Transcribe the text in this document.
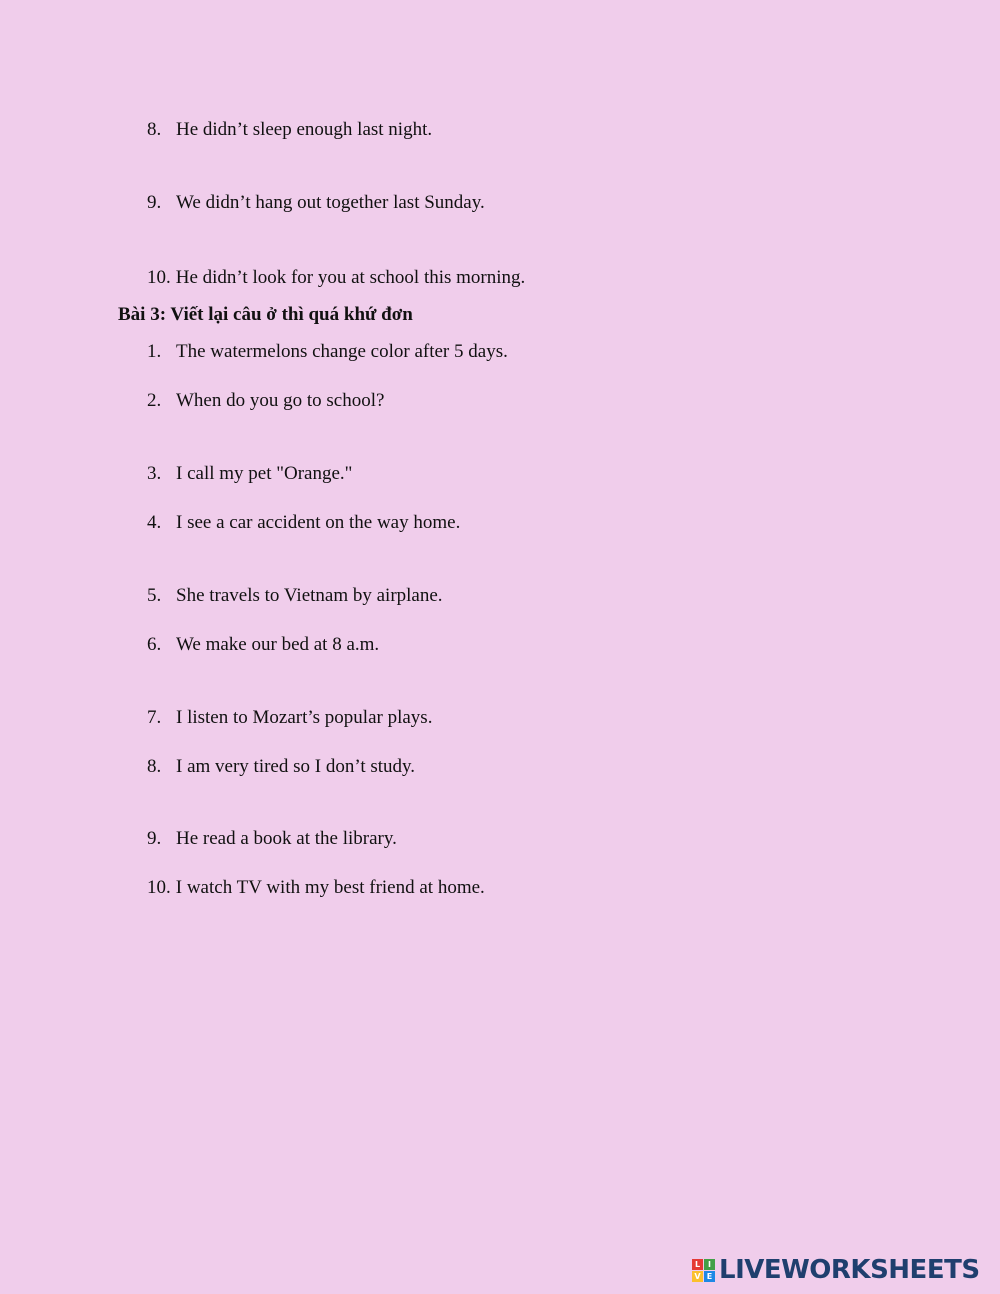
8. He didn’t sleep enough last night.
9. We didn’t hang out together last Sunday.
10. He didn’t look for you at school this morning.
Bài 3: Viết lại câu ở thì quá khứ đơn
1. The watermelons change color after 5 days.
2. When do you go to school?
3. I call my pet "Orange."
4. I see a car accident on the way home.
5. She travels to Vietnam by airplane.
6. We make our bed at 8 a.m.
7. I listen to Mozart’s popular plays.
8. I am very tired so I don’t study.
9. He read a book at the library.
10. I watch TV with my best friend at home.
L I
V E LIVEWORKSHEETS
